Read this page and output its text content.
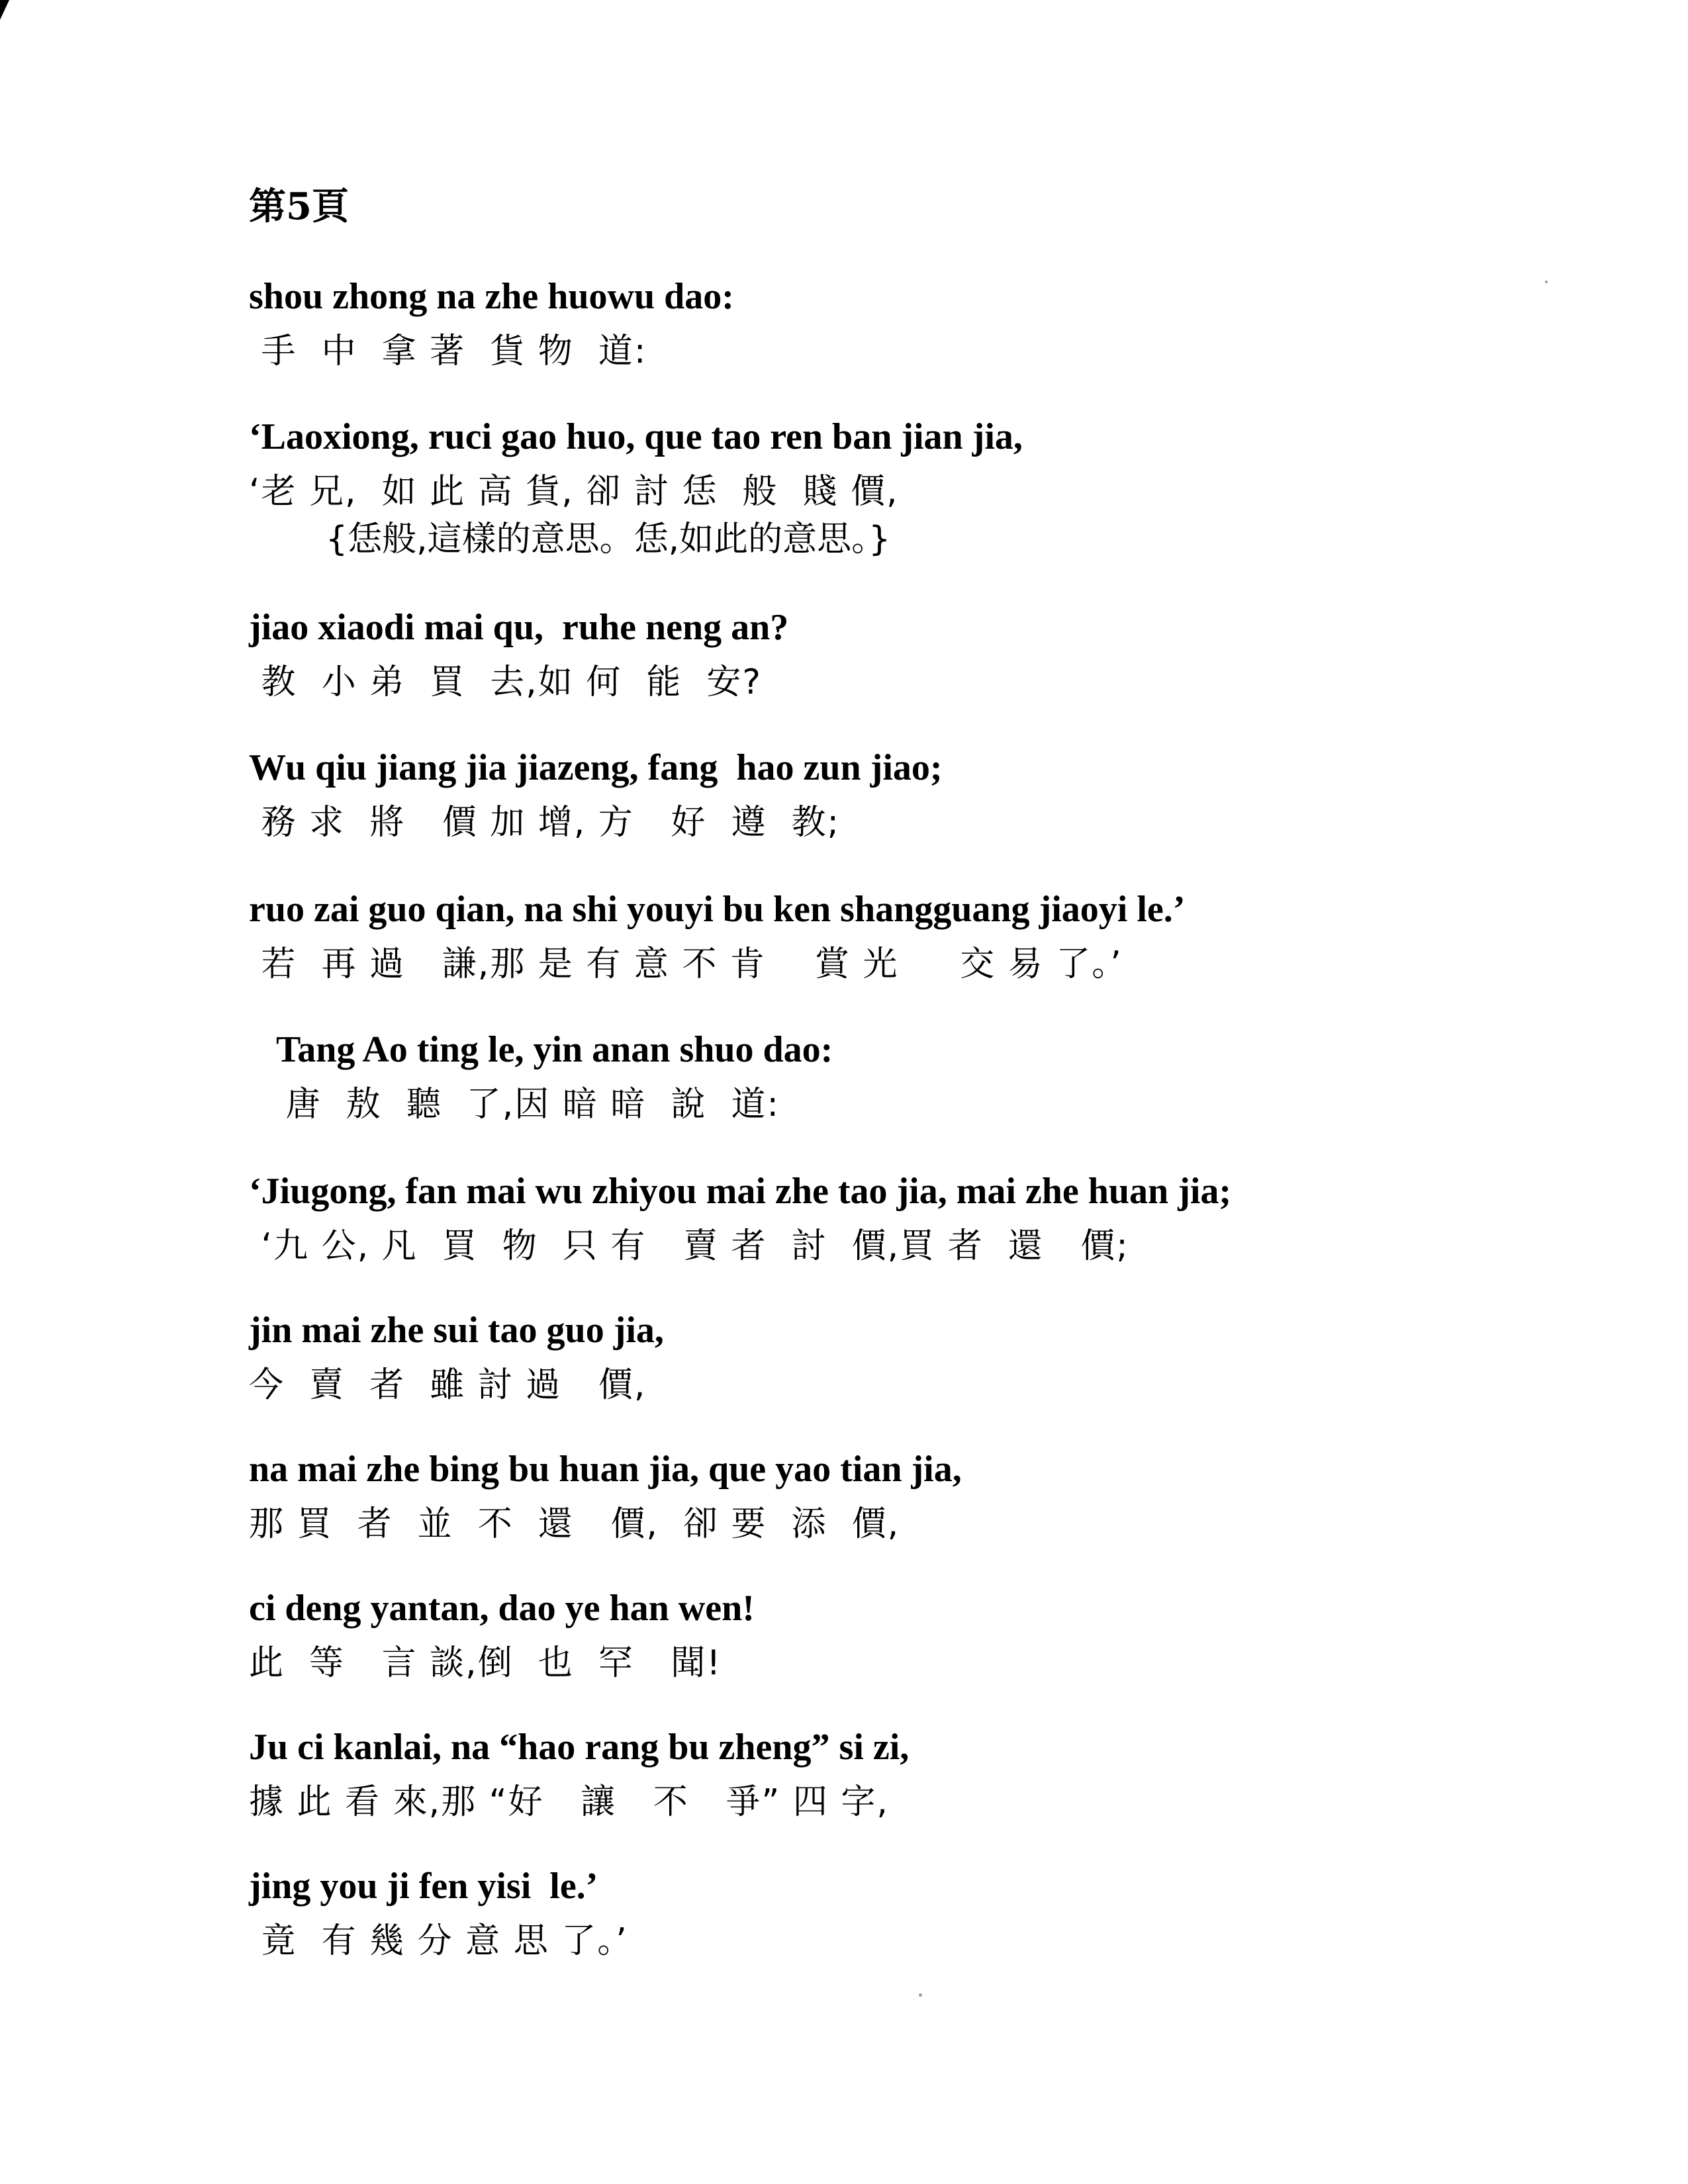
第5頁

shou zhong na zhe huowu dao:

手  中  拿 著  貨 物  道:

‘Laoxiong, ruci gao huo, que tao ren ban jian jia,

‘老 兄,  如 此 高 貨, 卻 討 恁  般  賤 價,

{恁般,這樣的意思。恁,如此的意思。}

jiao xiaodi mai qu,  ruhe neng an?

教  小 弟  買  去,如 何  能  安?

Wu qiu jiang jia jiazeng, fang  hao zun jiao;

務 求  將   價 加 增, 方   好  遵  教;

ruo zai guo qian, na shi youyi bu ken shangguang jiaoyi le.’

若  再 過   謙,那 是 有 意 不 肯    賞 光     交 易 了。’

Tang Ao ting le, yin anan shuo dao:

唐  敖  聽  了,因 暗 暗  說  道:

‘Jiugong, fan mai wu zhiyou mai zhe tao jia, mai zhe huan jia;

‘九 公, 凡  買  物  只 有   賣 者  討  價,買 者  還   價;

jin mai zhe sui tao guo jia,

今  賣  者  雖 討 過   價,

na mai zhe bing bu huan jia, que yao tian jia,

那 買  者  並  不  還   價,  卻 要  添  價,

ci deng yantan, dao ye han wen!

此  等   言 談,倒  也  罕   聞!

Ju ci kanlai, na “hao rang bu zheng” si zi,

據 此 看 來,那 “好   讓   不   爭” 四 字,

jing you ji fen yisi  le.’

竟  有 幾 分 意 思 了。’
